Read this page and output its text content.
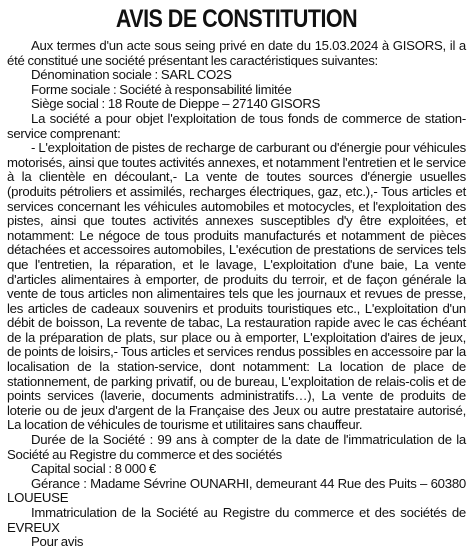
AVIS DE CONSTITUTION

Aux termes d'un acte sous seing privé en date du 15.03.2024 à GISORS, il a été constitué une société présentant les caractéristiques suivantes:

Dénomination sociale : SARL CO2S

Forme sociale : Société à responsabilité limitée

Siège social : 18 Route de Dieppe – 27140 GISORS

La société a pour objet l'exploitation de tous fonds de commerce de station-service comprenant:

- L'exploitation de pistes de recharge de carburant ou d'énergie pour véhicules motorisés, ainsi que toutes activités annexes, et notamment l'entretien et le service à la clientèle en découlant,- La vente de toutes sources d'énergie usuelles (produits pétroliers et assimilés, recharges électriques, gaz, etc.),- Tous articles et services concernant les véhicules automobiles et motocycles, et l'exploitation des pistes, ainsi que toutes activités annexes susceptibles d'y être exploitées, et notamment: Le négoce de tous produits manufacturés et notamment de pièces détachées et accessoires automobiles, L'exécution de prestations de services tels que l'entretien, la réparation, et le lavage, L'exploitation d'une baie, La vente d'articles alimentaires à emporter, de produits du terroir, et de façon générale la vente de tous articles non alimentaires tels que les journaux et revues de presse, les articles de cadeaux souvenirs et produits touristiques etc., L'exploitation d'un débit de boisson, La revente de tabac, La restauration rapide avec le cas échéant de la préparation de plats, sur place ou à emporter, L'exploitation d'aires de jeux, de points de loisirs,- Tous articles et services rendus possibles en accessoire par la localisation de la station-service, dont notamment: La location de place de stationnement, de parking privatif, ou de bureau, L'exploitation de relais-colis et de points services (laverie, documents administratifs…), La vente de produits de loterie ou de jeux d'argent de la Française des Jeux ou autre prestataire autorisé, La location de véhicules de tourisme et utilitaires sans chauffeur.

Durée de la Société : 99 ans à compter de la date de l'immatriculation de la Société au Registre du commerce et des sociétés

Capital social : 8 000 €

Gérance : Madame Sévrine OUNARHI, demeurant 44 Rue des Puits – 60380 LOUEUSE

Immatriculation de la Société au Registre du commerce et des sociétés de EVREUX

Pour avis
